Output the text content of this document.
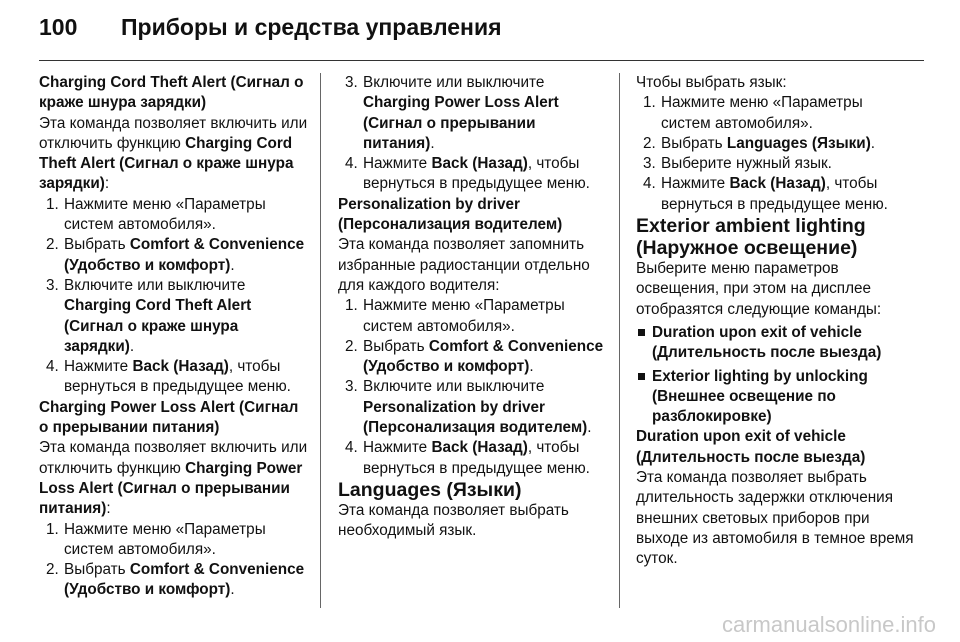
100 Приборы и средства управления

Charging Cord Theft Alert (Сигнал о краже шнура зарядки)

Эта команда позволяет включить или отключить функцию Charging Cord Theft Alert (Сигнал о краже шнура зарядки):

1. Нажмите меню «Параметры систем автомобиля».
2. Выбрать Comfort & Convenience (Удобство и комфорт).
3. Включите или выключите Charging Cord Theft Alert (Сигнал о краже шнура зарядки).
4. Нажмите Back (Назад), чтобы вернуться в предыдущее меню.

Charging Power Loss Alert (Сигнал о прерывании питания)

Эта команда позволяет включить или отключить функцию Charging Power Loss Alert (Сигнал о прерывании питания):

1. Нажмите меню «Параметры систем автомобиля».
2. Выбрать Comfort & Convenience (Удобство и комфорт).
3. Включите или выключите Charging Power Loss Alert (Сигнал о прерывании питания).
4. Нажмите Back (Назад), чтобы вернуться в предыдущее меню.

Personalization by driver (Персонализация водителем)

Эта команда позволяет запомнить избранные радиостанции отдельно для каждого водителя:

1. Нажмите меню «Параметры систем автомобиля».
2. Выбрать Comfort & Convenience (Удобство и комфорт).
3. Включите или выключите Personalization by driver (Персонализация водителем).
4. Нажмите Back (Назад), чтобы вернуться в предыдущее меню.

Languages (Языки)

Эта команда позволяет выбрать необходимый язык.

Чтобы выбрать язык:

1. Нажмите меню «Параметры систем автомобиля».
2. Выбрать Languages (Языки).
3. Выберите нужный язык.
4. Нажмите Back (Назад), чтобы вернуться в предыдущее меню.

Exterior ambient lighting (Наружное освещение)

Выберите меню параметров освещения, при этом на дисплее отобразятся следующие команды:

Duration upon exit of vehicle (Длительность после выезда)
Exterior lighting by unlocking (Внешнее освещение по разблокировке)

Duration upon exit of vehicle (Длительность после выезда)

Эта команда позволяет выбрать длительность задержки отключения внешних световых приборов при выходе из автомобиля в темное время суток.

carmanualsonline.info
